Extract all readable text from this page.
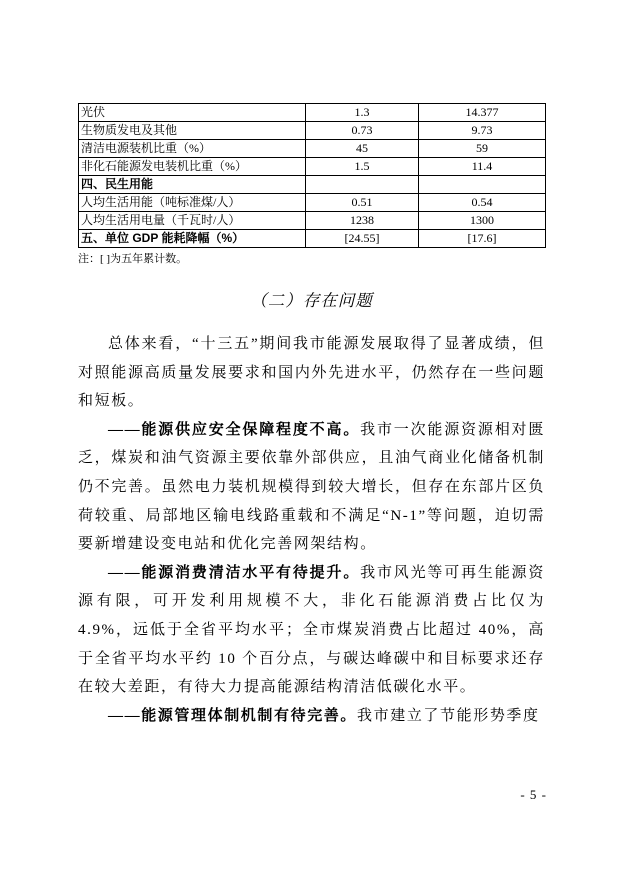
光伏	1.3	14.377
生物质发电及其他	0.73	9.73
清洁电源装机比重（%）	45	59
非化石能源发电装机比重（%）	1.5	11.4
四、民生用能		
人均生活用能（吨标准煤/人）	0.51	0.54
人均生活用电量（千瓦时/人）	1238	1300
五、单位 GDP 能耗降幅（%）	[24.55]	[17.6]
注：[ ]为五年累计数。
（二）存在问题

总体来看，“十三五”期间我市能源发展取得了显著成绩，但对照能源高质量发展要求和国内外先进水平，仍然存在一些问题和短板。

——能源供应安全保障程度不高。我市一次能源资源相对匮乏，煤炭和油气资源主要依靠外部供应，且油气商业化储备机制仍不完善。虽然电力装机规模得到较大增长，但存在东部片区负荷较重、局部地区输电线路重载和不满足“N-1”等问题，迫切需要新增建设变电站和优化完善网架结构。

——能源消费清洁水平有待提升。我市风光等可再生能源资源有限，可开发利用规模不大，非化石能源消费占比仅为 4.9%，远低于全省平均水平；全市煤炭消费占比超过 40%，高于全省平均水平约 10 个百分点，与碳达峰碳中和目标要求还存在较大差距，有待大力提高能源结构清洁低碳化水平。

——能源管理体制机制有待完善。我市建立了节能形势季度

- 5 -
